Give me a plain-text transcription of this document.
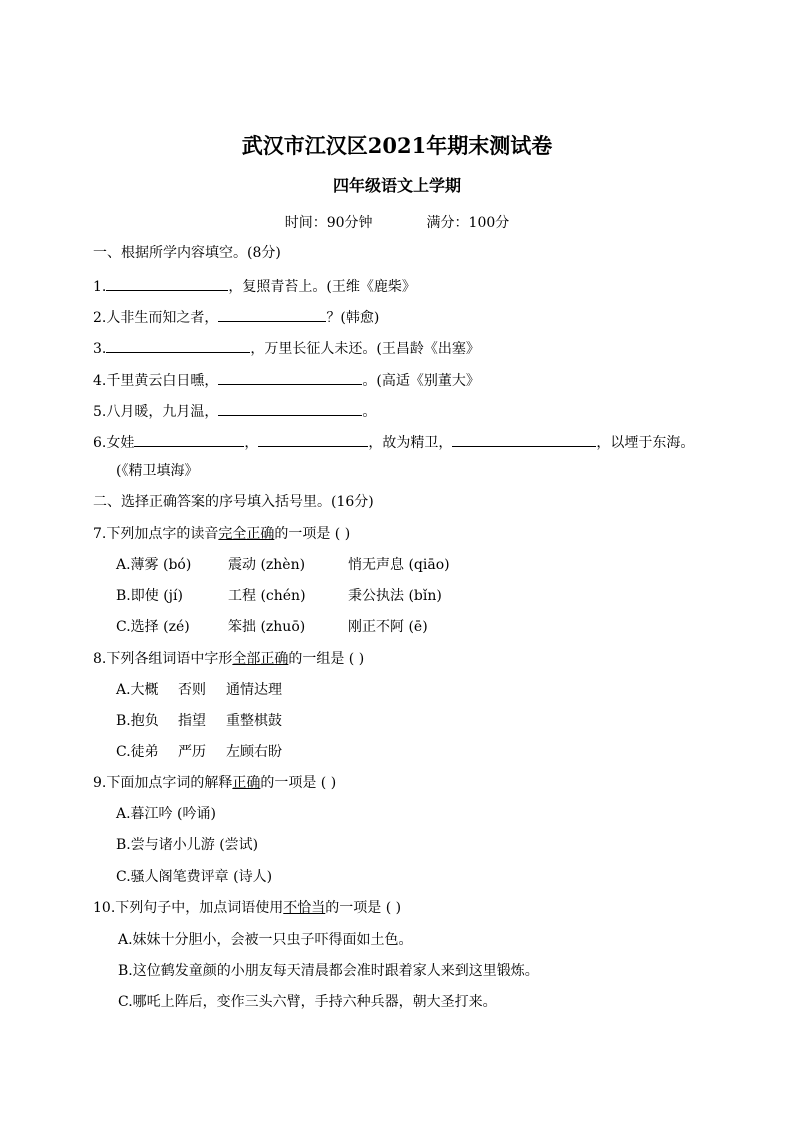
武汉市江汉区2021年期末测试卷
四年级语文上学期
时间：90分钟	满分：100分
一、根据所学内容填空。(8分)
1.	，复照青苔上。(王维《鹿柴》
2.人非生而知之者，	？(韩愈)
3.	，万里长征人未还。(王昌龄《出塞》
4.千里黄云白日曛，	。(高适《别董大》
5.八月暖，九月温，	。
6.女娃	，	，故为精卫，	，以堙于东海。
(《精卫填海》
二、选择正确答案的序号填入括号里。(16分)
7.下列加点字的读音完全正确的一项是 ( )
A.薄雾 (bó)	震动 (zhèn)	悄无声息 (qiāo)
B.即使 (jí)	工程 (chén)	秉公执法 (bǐn)
C.选择 (zé)	笨拙 (zhuō)	刚正不阿 (ē)
8.下列各组词语中字形全部正确的一组是 ( )
A.大概 否则 通情达理
B.抱负 指望 重整棋鼓
C.徒弟 严历 左顾右盼
9.下面加点字词的解释正确的一项是 ( )
A.暮江吟 (吟诵)
B.尝与诸小儿游 (尝试)
C.骚人阁笔费评章 (诗人)
10.下列句子中，加点词语使用不恰当的一项是 ( )
A.妹妹十分胆小，会被一只虫子吓得面如土色。
B.这位鹤发童颜的小朋友每天清晨都会准时跟着家人来到这里锻炼。
C.哪吒上阵后，变作三头六臂，手持六种兵器，朝大圣打来。
